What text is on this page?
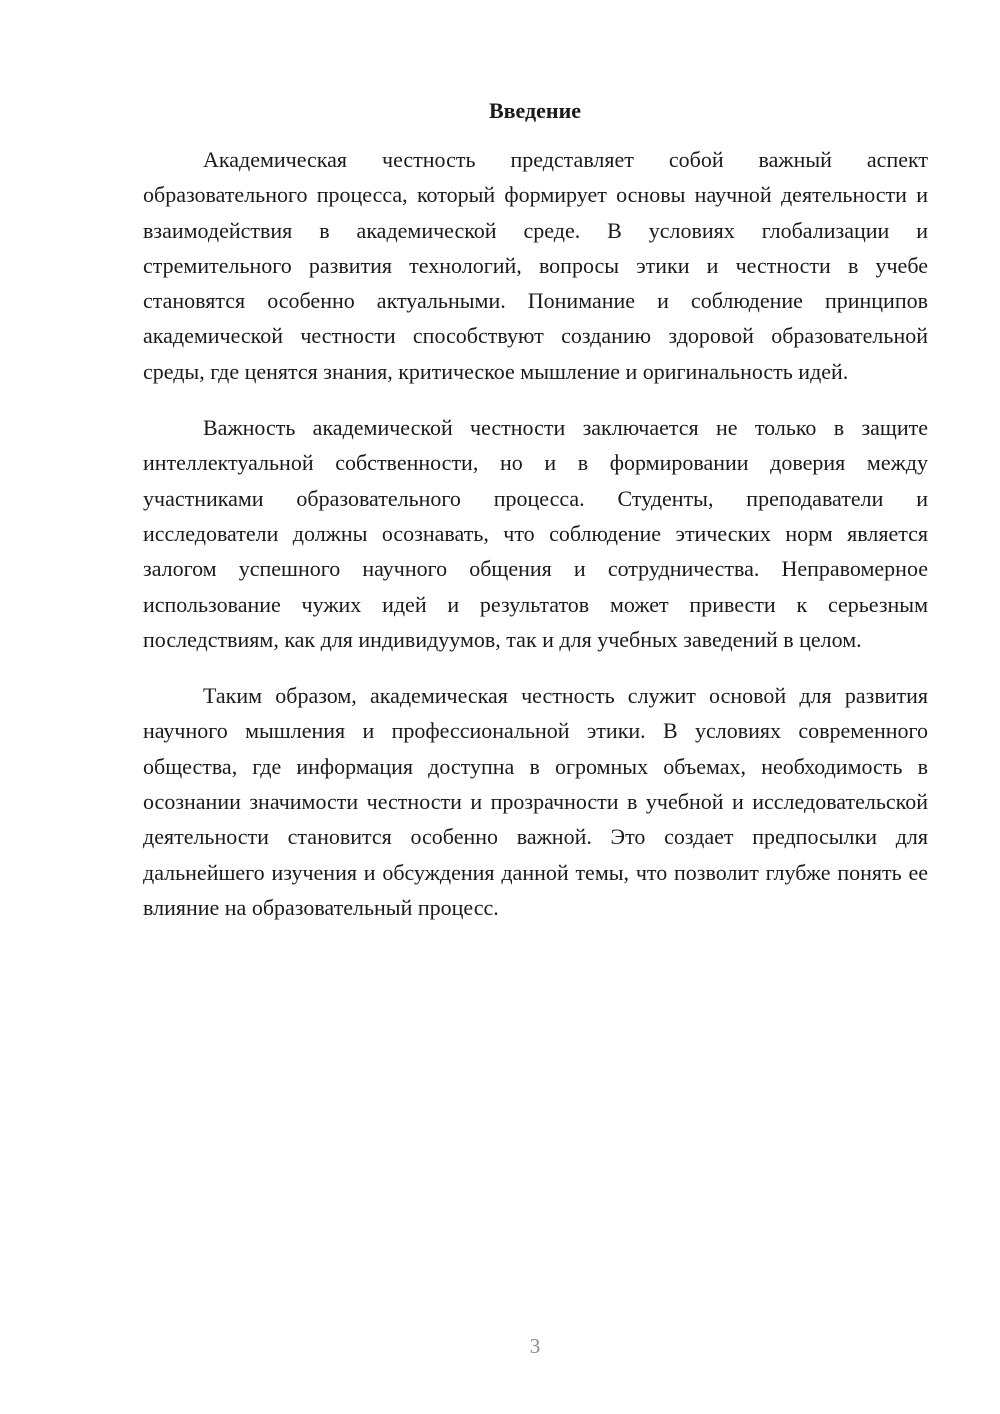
Введение

Академическая честность представляет собой важный аспект образовательного процесса, который формирует основы научной деятельности и взаимодействия в академической среде. В условиях глобализации и стремительного развития технологий, вопросы этики и честности в учебе становятся особенно актуальными. Понимание и соблюдение принципов академической честности способствуют созданию здоровой образовательной среды, где ценятся знания, критическое мышление и оригинальность идей.

Важность академической честности заключается не только в защите интеллектуальной собственности, но и в формировании доверия между участниками образовательного процесса. Студенты, преподаватели и исследователи должны осознавать, что соблюдение этических норм является залогом успешного научного общения и сотрудничества. Неправомерное использование чужих идей и результатов может привести к серьезным последствиям, как для индивидуумов, так и для учебных заведений в целом.

Таким образом, академическая честность служит основой для развития научного мышления и профессиональной этики. В условиях современного общества, где информация доступна в огромных объемах, необходимость в осознании значимости честности и прозрачности в учебной и исследовательской деятельности становится особенно важной. Это создает предпосылки для дальнейшего изучения и обсуждения данной темы, что позволит глубже понять ее влияние на образовательный процесс.

3
